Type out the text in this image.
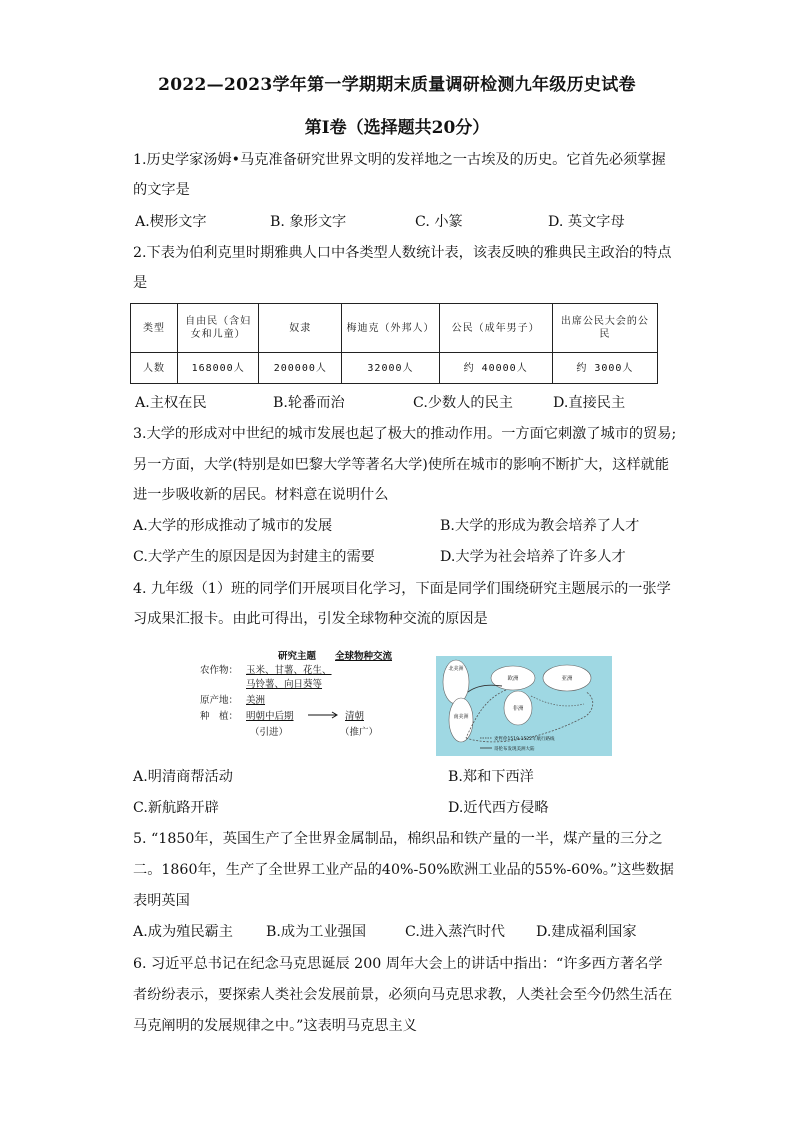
2022—2023学年第一学期期末质量调研检测九年级历史试卷
第Ⅰ卷（选择题共20分）
1.历史学家汤姆•马克准备研究世界文明的发祥地之一古埃及的历史。它首先必须掌握
的文字是
A.楔形文字	B. 象形文字	C. 小篆	D. 英文字母
2.下表为伯利克里时期雅典人口中各类型人数统计表，该表反映的雅典民主政治的特点
是
类型	自由民（含妇女和儿童）	奴隶	梅迪克（外邦人）	公民（成年男子）	出席公民大会的公民
人数	168000人	200000人	32000人	约 40000人	约 3000人
A.主权在民	B.轮番而治	C.少数人的民主	D.直接民主
3.大学的形成对中世纪的城市发展也起了极大的推动作用。一方面它刺激了城市的贸易;
另一方面，大学(特别是如巴黎大学等著名大学)使所在城市的影响不断扩大，这样就能
进一步吸收新的居民。材料意在说明什么
A.大学的形成推动了城市的发展	B.大学的形成为教会培养了人才
C.大学产生的原因是因为封建主的需要	D.大学为社会培养了许多人才
4. 九年级（1）班的同学们开展项目化学习，下面是同学们围绕研究主题展示的一张学
习成果汇报卡。由此可得出，引发全球物种交流的原因是
研究主题 全球物种交流
农作物： 玉米、甘薯、花生、
马铃薯、向日葵等
原产地： 美洲
种　植： 明朝中后期	清朝
（引进）	（推广）
北美洲
欧洲	亚洲
非洲
南美洲
麦哲伦1519-1522年航行路线
哥伦布发现美洲大陆
A.明清商帮活动	B.郑和下西洋
C.新航路开辟	D.近代西方侵略
5. “1850年，英国生产了全世界金属制品，棉织品和铁产量的一半，煤产量的三分之
二。1860年，生产了全世界工业产品的40%-50%欧洲工业品的55%-60%。”这些数据
表明英国
A.成为殖民霸主 B.成为工业强国	C.进入蒸汽时代 D.建成福利国家
6. 习近平总书记在纪念马克思诞辰 200 周年大会上的讲话中指出：“许多西方著名学
者纷纷表示，要探索人类社会发展前景，必须向马克思求教，人类社会至今仍然生活在
马克阐明的发展规律之中。”这表明马克思主义
